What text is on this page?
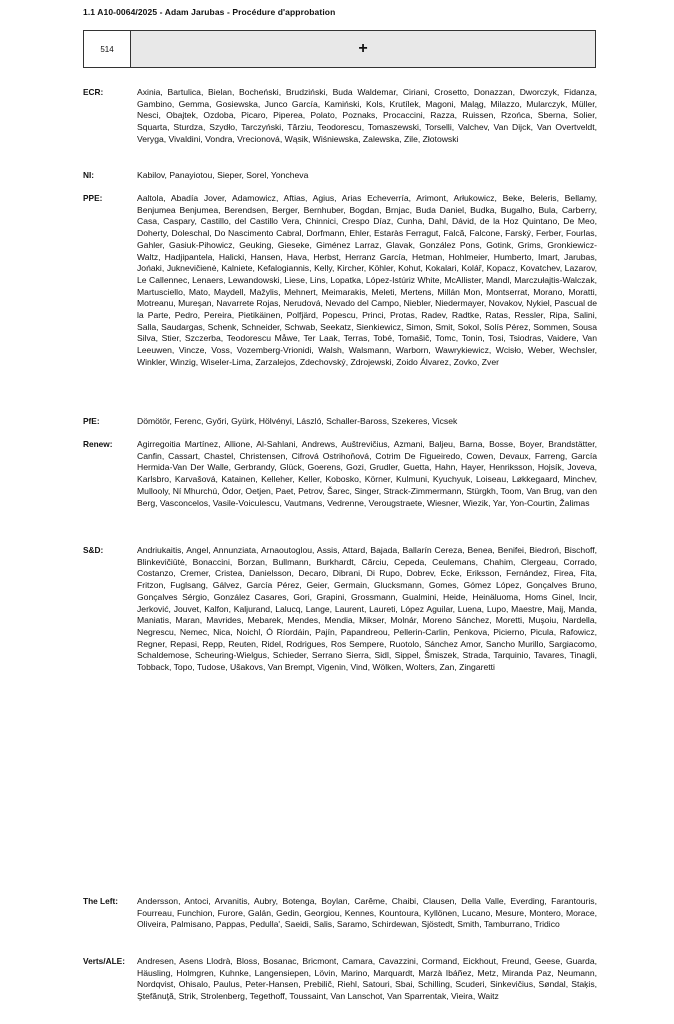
1.1 A10-0064/2025 - Adam Jarubas - Procédure d'approbation
514	+
ECR:	Axinia, Bartulica, Bielan, Bocheński, Brudziński, Buda Waldemar, Ciriani, Crosetto, Donazzan, Dworczyk, Fidanza, Gambino, Gemma, Gosiewska, Junco García, Kamiński, Kols, Krutílek, Magoni, Maląg, Milazzo, Mularczyk, Müller, Nesci, Obajtek, Ozdoba, Picaro, Piperea, Polato, Poznaks, Procaccini, Razza, Ruissen, Rzońca, Sberna, Solier, Squarta, Sturdza, Szydło, Tarczyński, Târziu, Teodorescu, Tomaszewski, Torselli, Valchev, Van Dijck, Van Overtveldt, Veryga, Vivaldini, Vondra, Vrecionová, Wąsik, Wiśniewska, Zalewska, Zile, Złotowski
NI:	Kabilov, Panayiotou, Sieper, Sorel, Yoncheva
PPE:	Aaltola, Abadía Jover, Adamowicz, Aftias, Agius, Arias Echeverría, Arimont, Arłukowicz, Beke, Beleris, Bellamy, Benjumea Benjumea, Berendsen, Berger, Bernhuber, Bogdan, Brnjac, Buda Daniel, Budka, Bugalho, Bula, Carberry, Casa, Caspary, Castillo, del Castillo Vera, Chinnici, Crespo Díaz, Cunha, Dahl, Dávid, de la Hoz Quintano, De Meo, Doherty, Doleschal, Do Nascimento Cabral, Dorfmann, Ehler, Estaràs Ferragut, Falcă, Falcone, Farský, Ferber, Fourlas, Gahler, Gasiuk-Pihowicz, Geuking, Gieseke, Giménez Larraz, Glavak, González Pons, Gotink, Grims, Gronkiewicz-Waltz, Hadjipantela, Halicki, Hansen, Hava, Herbst, Herranz García, Hetman, Hohlmeier, Humberto, Imart, Jarubas, Jońaki, Juknevičienė, Kalniete, Kefalogiannis, Kelly, Kircher, Köhler, Kohut, Kokalari, Kolář, Kopacz, Kovatchev, Lazarov, Le Callennec, Lenaers, Lewandowski, Liese, Lins, Lopatka, López-Istúriz White, McAllister, Mandl, Marczułajtis-Walczak, Martusciello, Mato, Maydell, Mažylis, Mehnert, Meimarakis, Meleti, Mertens, Millán Mon, Montserrat, Morano, Moratti, Motreanu, Mureşan, Navarrete Rojas, Nerudová, Nevado del Campo, Niebler, Niedermayer, Novakov, Nykiel, Pascual de la Parte, Pedro, Pereira, Pietikäinen, Polfjärd, Popescu, Princi, Protas, Radev, Radtke, Ratas, Ressler, Ripa, Salini, Salla, Saudargas, Schenk, Schneider, Schwab, Seekatz, Sienkiewicz, Simon, Smit, Sokol, Solís Pérez, Sommen, Sousa Silva, Stier, Szczerba, Teodorescu Måwe, Ter Laak, Terras, Tobé, Tomašič, Tomc, Tonin, Tosi, Tsiodras, Vaidere, Van Leeuwen, Vincze, Voss, Vozemberg-Vrionidi, Walsh, Walsmann, Warborn, Wawrykiewicz, Wcisło, Weber, Wechsler, Winkler, Winzig, Wiseler-Lima, Zarzalejos, Zdechovský, Zdrojewski, Zoido Álvarez, Zovko, Zver
PfE:	Dömötör, Ferenc, Győri, Gyürk, Hölvényi, László, Schaller-Baross, Szekeres, Vicsek
Renew:	Agirregoitia Martínez, Allione, Al-Sahlani, Andrews, Auštrevičius, Azmani, Baljeu, Barna, Bosse, Boyer, Brandstätter, Canfin, Cassart, Chastel, Christensen, Cifrová Ostrihoňová, Cotrim De Figueiredo, Cowen, Devaux, Farreng, García Hermida-Van Der Walle, Gerbrandy, Glück, Goerens, Gozi, Grudler, Guetta, Hahn, Hayer, Henriksson, Hojsík, Joveva, Karlsbro, Karvašová, Katainen, Kelleher, Keller, Kobosko, Körner, Kulmuni, Kyuchyuk, Loiseau, Løkkegaard, Minchev, Mullooly, Ní Mhurchú, Ödor, Oetjen, Paet, Petrov, Šarec, Singer, Strack-Zimmermann, Stürgkh, Toom, Van Brug, van den Berg, Vasconcelos, Vasile-Voiculescu, Vautmans, Vedrenne, Verougstraete, Wiesner, Wiezik, Yar, Yon-Courtin, Žalimas
S&D:	Andriukaitis, Angel, Annunziata, Arnaoutoglou, Assis, Attard, Bajada, Ballarín Cereza, Benea, Benifei, Biedroń, Bischoff, Blinkevičiūtė, Bonaccini, Borzan, Bullmann, Burkhardt, Cărciu, Cepeda, Ceulemans, Chahim, Clergeau, Corrado, Costanzo, Cremer, Cristea, Danielsson, Decaro, Dibrani, Di Rupo, Dobrev, Ecke, Eriksson, Fernández, Firea, Fita, Fritzon, Fuglsang, Gálvez, García Pérez, Geier, Germain, Glucksmann, Gomes, Gómez López, Gonçalves Bruno, Gonçalves Sérgio, González Casares, Gori, Grapini, Grossmann, Gualmini, Heide, Heinäluoma, Homs Ginel, Incir, Jerković, Jouvet, Kalfon, Kaljurand, Lalucq, Lange, Laurent, Laureti, López Aguilar, Luena, Lupo, Maestre, Maij, Manda, Maniatis, Maran, Mavrides, Mebarek, Mendes, Mendia, Mikser, Molnár, Moreno Sánchez, Moretti, Muşoiu, Nardella, Negrescu, Nemec, Nica, Noichl, Ó Ríordáin, Pajín, Papandreou, Pellerin-Carlin, Penkova, Picierno, Picula, Rafowicz, Regner, Repasi, Repp, Reuten, Ridel, Rodrigues, Ros Sempere, Ruotolo, Sánchez Amor, Sancho Murillo, Sargiacomo, Schaldemose, Scheuring-Wielgus, Schieder, Serrano Sierra, Sidl, Sippel, Šmiszek, Strada, Tarquinio, Tavares, Tinagli, Tobback, Topo, Tudose, Ušakovs, Van Brempt, Vigenin, Vind, Wölken, Wolters, Zan, Zingaretti
The Left:	Andersson, Antoci, Arvanitis, Aubry, Botenga, Boylan, Carême, Chaibi, Clausen, Della Valle, Everding, Farantouris, Fourreau, Funchion, Furore, Galán, Gedin, Georgiou, Kennes, Kountoura, Kyllönen, Lucano, Mesure, Montero, Morace, Oliveira, Palmisano, Pappas, Pedulla', Saeidi, Salis, Saramo, Schirdewan, Sjöstedt, Smith, Tamburrano, Tridico
Verts/ALE:	Andresen, Asens Llodrà, Bloss, Bosanac, Bricmont, Camara, Cavazzini, Cormand, Eickhout, Freund, Geese, Guarda, Häusling, Holmgren, Kuhnke, Langensiepen, Lövin, Marino, Marquardt, Marzà Ibáñez, Metz, Miranda Paz, Neumann, Nordqvist, Ohisalo, Paulus, Peter-Hansen, Prebilič, Riehl, Satouri, Sbai, Schilling, Scuderi, Sinkevičius, Søndal, Staķis, Ştefănuţă, Strik, Strolenberg, Tegethoff, Toussaint, Van Lanschot, Van Sparrentak, Vieira, Waitz
